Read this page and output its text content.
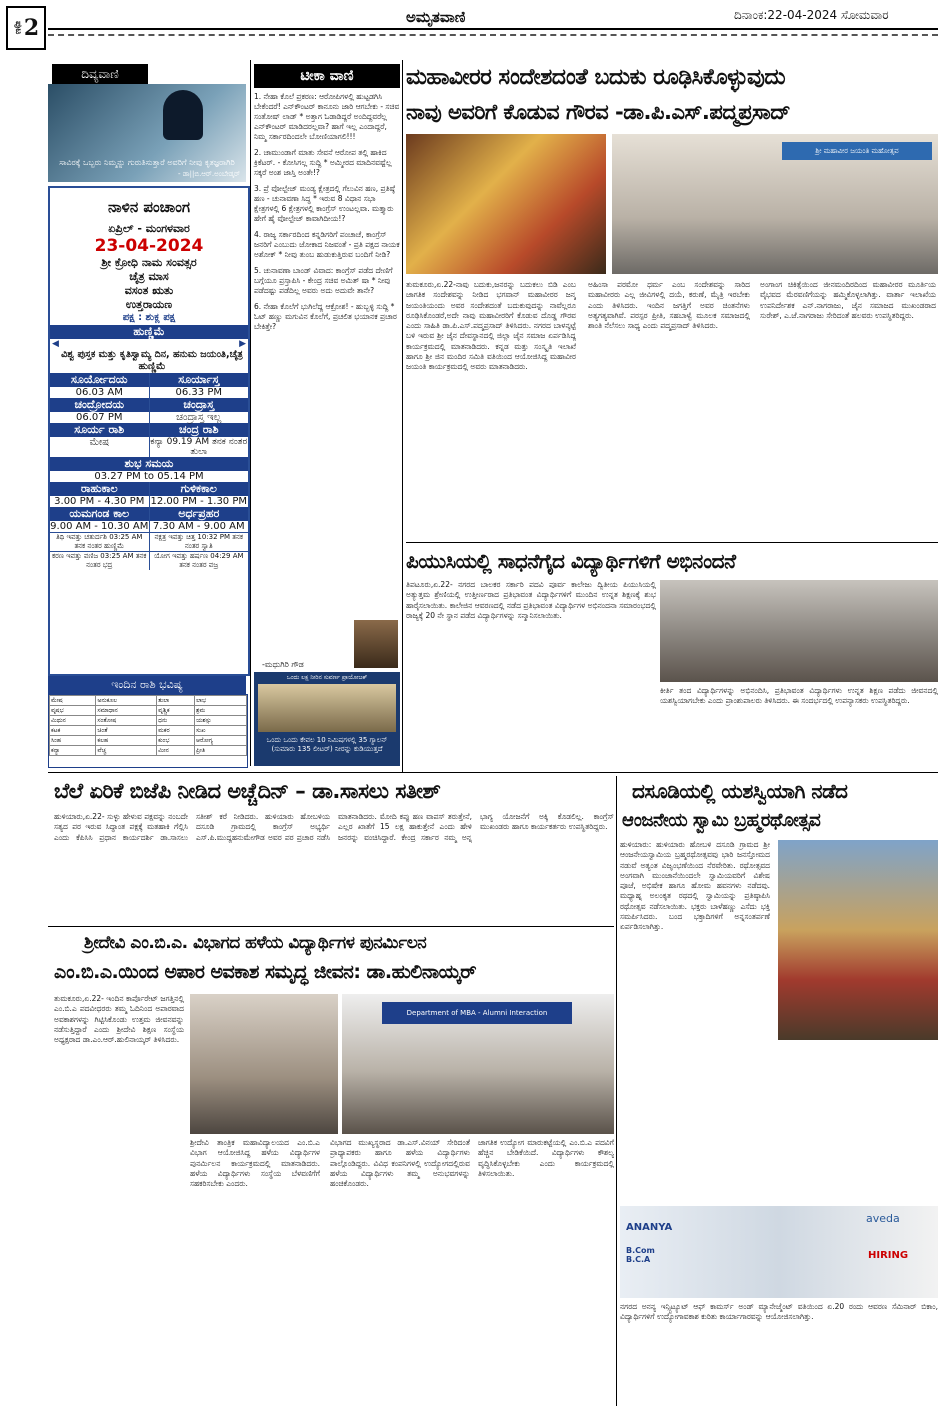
ಪುಟ 2	ಅಮೃತವಾಣಿ	ದಿನಾಂಕ:22-04-2024 ಸೋಮವಾರ
ದಿವ್ಯವಾಣಿ
ಸಾವಿರಕ್ಕೆ ಒಬ್ಬರು ನಿಮ್ಮನ್ನು ಗುರುತಿಸುತ್ತಾರೆ ಅವರಿಗೆ ನೀವು ಕೃತಜ್ಞರಾಗಿರಿ
- ಡಾ||ಬಿ.ಆರ್.ಅಂಬೇಡ್ಕರ್
ನಾಳಿನ ಪಂಚಾಂಗ
ಏಪ್ರಿಲ್ - ಮಂಗಳವಾರ
23-04-2024
ಶ್ರೀ ಕ್ರೋಧಿ ನಾಮ ಸಂವತ್ಸರ
ಚೈತ್ರ ಮಾಸ
ವಸಂತ ಋತು
ಉತ್ತರಾಯಣ
ಪಕ್ಷ : ಶುಕ್ಲ ಪಕ್ಷ
ಹುಣ್ಣಿಮೆ
◀	▶
ವಿಶ್ವ ಪುಸ್ತಕ ಮತ್ತು ಕೃತಿಸ್ವಾಮ್ಯ ದಿನ, ಹನುಮ ಜಯಂತಿ,ಚೈತ್ರ ಹುಣ್ಣಿಮೆ
ಸೂರ್ಯೋದಯ	ಸೂರ್ಯಾಸ್ತ
06.03 AM	06.33 PM
ಚಂದ್ರೋದಯ	ಚಂದ್ರಾಸ್ತ
06.07 PM	ಚಂದ್ರಾಸ್ತ ಇಲ್ಲ
ಸೂರ್ಯ ರಾಶಿ	ಚಂದ್ರ ರಾಶಿ
ಮೇಷ	ಕನ್ಯಾ 09.19 AM ತನಕ ನಂತರ ತುಲಾ
ಶುಭ ಸಮಯ
03.27 PM to 05.14 PM
ರಾಹುಕಾಲ	ಗುಳಿಕಕಾಲ
3.00 PM - 4.30 PM 12.00 PM - 1.30 PM
ಯಮಗಂಡ ಕಾಲ	ಅರ್ಧಪ್ರಹರ
9.00 AM - 10.30 AM 7.30 AM - 9.00 AM
ತಿಥಿ ಇವತ್ತು ಚತುರ್ದಶಿ 03:25 AM ತನಕ ನಂತರ ಹುಣ್ಣಿಮೆ
ನಕ್ಷತ್ರ ಇವತ್ತು ಚಿತ್ತ 10:32 PM ತನಕ ನಂತರ ಸ್ವಾತಿ
ಕರಣ ಇವತ್ತು ವಣಿಜ 03:25 AM ತನಕ ನಂತರ ಭದ್ರ
ಯೋಗ ಇವತ್ತು ಹರ್ಷಣ 04:29 AM ತನಕ ನಂತರ ವಜ್ರ
ಇಂದಿನ ರಾಶಿ ಭವಿಷ್ಯ
ಮೇಷ	ಅನುಕೂಲ	ತುಲಾ	ಲಾಭ
ವೃಷಭ	ಸಮಾಧಾನ	ವೃಶ್ಚಿಕ	ಶ್ರಮ
ಮಿಥುನ	ಸಂತೋಷ	ಧನು	ಯಶಸ್ಸು
ಕಟಕ	ಚಿಂತೆ	ಮಕರ	ಸುಖ
ಸಿಂಹ	ಕಲಹ	ಕುಂಭ	ಆರೋಗ್ಯ
ಕನ್ಯಾ	ವೆಚ್ಚ	ಮೀನ	ಪ್ರೀತಿ
ಟೀಕಾ ವಾಣಿ

1. ನೇಹಾ ಕೊಲೆ ಪ್ರಕರಣ: ಆರೋಪಿಗಳಲ್ಲಿ ಹುಟ್ಟಡಗಿಸಿ ಬೇಕೆಂದರೆ! ಎನ್‌ಕೌಂಟರ್ ಕಾನೂನು ಜಾರಿ ಆಗಬೇಕು - ಸಚಿವ ಸಂತೋಷ್ ಲಾಡ್ * ಅತ್ತಾಗ ಓಡಾಡಿದ್ದರೆ ಅಂದಿದ್ದವರೆಲ್ಲ ಎನ್‌ಕೌಂಟರ್ ಮಾಡಿದರಲ್ಲವಾ? ಹಾಗೆ ಇಲ್ಲ ಎಂದಾದ್ದರೆ, ನಿಮ್ಮ ಸರ್ಕಾರದಿಂದಲೇ ಬೋಣಿಯಾಗಲಿ!!!

2. ಚಾಮುಂಡಾಗೆ ಮಾತು ಸೇವನೆ ಆರೋಪ ತಲ್ಲಿ ಹಾಕಿದ ಕ್ರಿಕೆಟರ್. - ಕೋಸಿಗಲ್ಲ ಸುದ್ದಿ * ಅಮ್ಮೀರದ ಮಾದಿನವಷ್ಟೆಲ್ಲ ಸಕ್ಕರೆ ಅಂಶ ಜಾಸ್ತಿ ಅಂತೇ!?

3. ಪ್ರೆ ವೋಲ್ಟೇಜ್ ಮಂಡ್ಯ ಕ್ಷೇತ್ರದಲ್ಲಿ ಗೆಲುವಿನ ಹಣ, ಪ್ರತಿಷ್ಠೆ ಹಣ - ಚುನಾವಣಾ ಸಿದ್ಧ * ಇರುವ 8 ವಿಧಾನ ಸಭಾ ಕ್ಷೇತ್ರಗಳಲ್ಲಿ 6 ಕ್ಷೇತ್ರಗಳಲ್ಲಿ ಕಾಂಗ್ರೆಸ್ ಉಂಟಲ್ಲವಾ. ಮತ್ತ್ಯಾರು ಹೇಗೆ ಹೈ ವೋಲ್ಟೇಜ್ ಕಾವಾಗಿದೀಯ!?

4. ರಾಜ್ಯ ಸರ್ಕಾರದಿಂದ ಕನ್ನಡಿಗರಿಗೆ ಪಂಚಾಚೆ, ಕಾಂಗ್ರೆಸ್ ಜನರಿಗೆ ಎಂಬುದು ಜೋಕಾದ ನಿಜವಂತೆ - ಪ್ರತಿ ಪಕ್ಷದ ನಾಯಕ ಅಶೋಕ್ * ನೀವು ತುಂಬ ಹುಡುಕುತ್ತಿರುವ ಬಂದಿಗೆ ನೀಡಿ?

5. ಚುನಾವಣಾ ಬಾಂಡ್ ವಿವಾದ: ಕಾಂಗ್ರೆಸ್ ಪಡೆದ ದೇಣಿಗೆ ಬಗ್ಗೆಯೂ ಪ್ರಸ್ತಾಪಿಸಿ - ಕೇಂದ್ರ ಸಚಿವ ಅಮಿತ್ ಷಾ * ನೀವು ಪಡೆದಷ್ಟು ಪಡೆದಿಲ್ಲ ಅವರು ಅದು ಅದುವೇ ತಾನೇ?

6. ನೇಹಾ ಕೊಲೆಗೆ ಭುಗಿಲೆದ್ದ ಆಕ್ರೋಶ! - ಹುಬ್ಬಳ್ಳಿ ಸುದ್ದಿ * ಓಟ್ ಹಣ್ಣು ಮಗುವಿನ ಕೊಲೆಗೆ, ಪ್ರಚಲಿತ ಭಯಾನಕ ಪ್ರಚಾರ ಬೇಕಿತ್ತೇ?

-ಮಧುಗಿರಿ ಗೌಡ
ಒಂದು ಲಕ್ಷ ನೀರಿನ ಸುವರ್ಣ ಪ್ರಾಯೋಜಕ್
ಒಂದು ಒಂದು ಕೇವಲ 10 ನಿಮಿಷಗಳಲ್ಲಿ 35 ಗ್ಯಾಲನ್ (ಸುಮಾರು 135 ಲೀಟರ್) ನೀರನ್ನು ಕುಡಿಯುತ್ತದೆ
ಮಹಾವೀರರ ಸಂದೇಶದಂತೆ ಬದುಕು ರೂಢಿಸಿಕೊಳ್ಳುವುದು
ನಾವು ಅವರಿಗೆ ಕೊಡುವ ಗೌರವ -ಡಾ.ಪಿ.ಎಸ್.ಪದ್ಮಪ್ರಸಾದ್
ಶ್ರೀ ಮಹಾವೀರ ಜಯಂತಿ ಮಹೋತ್ಸವ
ತುಮಕೂರು,ಏ.22-ನಾವು ಬದುಕು,ಜನರನ್ನು ಬದುಕಲು ಬಿಡಿ ಎಂಬ ಜಾಗತಿಕ ಸಂದೇಶವನ್ನು ನೀಡಿದ ಭಗವಾನ್ ಮಹಾವೀರರ ಜನ್ಮ ಜಯಂತಿಯಂದು ಅವರ ಸಂದೇಶದಂತೆ ಬದುಕುವುದನ್ನು ನಾವೆಲ್ಲರೂ ರೂಢಿಸಿಕೊಂಡರೆ,ಅದೇ ನಾವು ಮಹಾವೀರರಿಗೆ ಕೊಡುವ ದೊಡ್ಡ ಗೌರವ ಎಂದು ಸಾಹಿತಿ ಡಾ.ಪಿ.ಎಸ್.ಪದ್ಮಪ್ರಸಾದ್ ತಿಳಿಸಿದರು. ನಗರದ ಬಾಳನ್ಕಟ್ಟೆ ಬಳಿ ಇರುವ ಶ್ರೀ ಜೈನ ದೇವಸ್ಥಾನದಲ್ಲಿ ಜಿಲ್ಲಾ ಜೈನ ಸಮಾಜ ಏರ್ಪಡಿಸಿದ್ದ ಕಾರ್ಯಕ್ರಮದಲ್ಲಿ ಮಾತನಾಡಿದರು. ಕನ್ನಡ ಮತ್ತು ಸಂಸ್ಕೃತಿ ಇಲಾಖೆ ಹಾಗೂ ಶ್ರೀ ಜಿನ ಮಂದಿರ ಸಮಿತಿ ವತಿಯಿಂದ ಆಯೋಜಿಸಿದ್ದ ಮಹಾವೀರ ಜಯಂತಿ ಕಾರ್ಯಕ್ರಮದಲ್ಲಿ ಅವರು ಮಾತನಾಡಿದರು.
ಅಹಿಂಸಾ ಪರಮೋ ಧರ್ಮ ಎಂಬ ಸಂದೇಶವನ್ನು ಸಾರಿದ ಮಹಾವೀರರು ಎಲ್ಲ ಜೀವಿಗಳಲ್ಲಿ ದಯೆ, ಕರುಣೆ, ಮೈತ್ರಿ ಇರಬೇಕು ಎಂದು ತಿಳಿಸಿದರು. ಇಂದಿನ ಜಗತ್ತಿಗೆ ಅವರ ಚಿಂತನೆಗಳು ಅತ್ಯಗತ್ಯವಾಗಿವೆ. ಪರಸ್ಪರ ಪ್ರೀತಿ, ಸಹಬಾಳ್ವೆ ಮೂಲಕ ಸಮಾಜದಲ್ಲಿ ಶಾಂತಿ ನೆಲೆಸಲು ಸಾಧ್ಯ ಎಂದು ಪದ್ಮಪ್ರಸಾದ್ ತಿಳಿಸಿದರು.
ಅಂಗಾಂಗ ಚಿಕಿತ್ಸೆಯಿಂದ ಜೀನಮಂದಿರದಿಂದ ಮಹಾವೀರರ ಮೂರ್ತಿಯ ವೈಭವದ ಮೆರವಣಿಗೆಯನ್ನು ಹಮ್ಮಿಕೊಳ್ಳಲಾಗಿತ್ತು. ವಾರ್ತಾ ಇಲಾಖೆಯ ಉಪನಿರ್ದೇಶಕ ಎನ್.ನಾಗರಾಜು, ಜೈನ ಸಮಾಜದ ಮುಖಂಡರಾದ ಸುರೇಶ್, ಎ.ಜೆ.ನಾಗರಾಜು ಸೇರಿದಂತೆ ಹಲವರು ಉಪಸ್ಥಿತರಿದ್ದರು.
ಪಿಯುಸಿಯಲ್ಲಿ ಸಾಧನೆಗೈದ ವಿದ್ಯಾರ್ಥಿಗಳಿಗೆ ಅಭಿನಂದನೆ
ತಿಪಟೂರು,ಏ.22- ನಗರದ ಬಾಲಕರ ಸರ್ಕಾರಿ ಪದವಿ ಪೂರ್ವ ಕಾಲೇಜು ದ್ವಿತೀಯ ಪಿಯುಸಿಯಲ್ಲಿ ಅತ್ಯುತ್ತಮ ಶ್ರೇಣಿಯಲ್ಲಿ ಉತ್ತೀರ್ಣರಾದ ಪ್ರತಿಭಾವಂತ ವಿದ್ಯಾರ್ಥಿಗಳಿಗೆ ಮುಂದಿನ ಉನ್ನತ ಶಿಕ್ಷಣಕ್ಕೆ ಶುಭ ಹಾರೈಸಲಾಯಿತು. ಕಾಲೇಜಿನ ಆವರಣದಲ್ಲಿ ನಡೆದ ಪ್ರತಿಭಾವಂತ ವಿದ್ಯಾರ್ಥಿಗಳ ಅಭಿನಂದನಾ ಸಮಾರಂಭದಲ್ಲಿ ರಾಜ್ಯಕ್ಕೆ 20 ನೇ ಸ್ಥಾನ ಪಡೆದ ವಿದ್ಯಾರ್ಥಿಗಳನ್ನು ಸನ್ಮಾನಿಸಲಾಯಿತು.
ಕೀರ್ತಿ ತಂದ ವಿದ್ಯಾರ್ಥಿಗಳನ್ನು ಅಭಿನಂದಿಸಿ, ಪ್ರತಿಭಾವಂತ ವಿದ್ಯಾರ್ಥಿಗಳು ಉನ್ನತ ಶಿಕ್ಷಣ ಪಡೆದು ಜೀವನದಲ್ಲಿ ಯಶಸ್ವಿಯಾಗಬೇಕು ಎಂದು ಪ್ರಾಂಶುಪಾಲರು ತಿಳಿಸಿದರು. ಈ ಸಂದರ್ಭದಲ್ಲಿ ಉಪನ್ಯಾಸಕರು ಉಪಸ್ಥಿತರಿದ್ದರು.
ಬೆಲೆ ಏರಿಕೆ ಬಿಜೆಪಿ ನೀಡಿದ ಅಚ್ಚೆದಿನ್ – ಡಾ.ಸಾಸಲು ಸತೀಶ್
ಹುಳಿಯಾರು,ಏ.22- ಸುಳ್ಳು ಹೇಳುವ ಪಕ್ಷವನ್ನು ನಂಬದೇ ಸತ್ಯದ ಪರ ಇರುವ ಸಿದ್ಧಾಂತ ಪಕ್ಷಕ್ಕೆ ಮತಹಾಕಿ ಗೆಲ್ಲಿಸಿ ಎಂದು ಕೆಪಿಸಿಸಿ ಪ್ರಧಾನ ಕಾರ್ಯದರ್ಶಿ ಡಾ.ಸಾಸಲು ಸತೀಶ್ ಕರೆ ನೀಡಿದರು. ಹುಳಿಯಾರು ಹೋಬಳಿಯ ದಸೂಡಿ ಗ್ರಾಮದಲ್ಲಿ ಕಾಂಗ್ರೆಸ್ ಅಭ್ಯರ್ಥಿ ಎಸ್.ಪಿ.ಮುದ್ದಹನುಮೇಗೌಡ ಅವರ ಪರ ಪ್ರಚಾರ ನಡೆಸಿ ಮಾತನಾಡಿದರು. ಮೋದಿ ಕಪ್ಪು ಹಣ ವಾಪಸ್ ತರುತ್ತೇನೆ, ಎಲ್ಲರ ಖಾತೆಗೆ 15 ಲಕ್ಷ ಹಾಕುತ್ತೇನೆ ಎಂದು ಹೇಳಿ ಜನರನ್ನು ವಂಚಿಸಿದ್ದಾರೆ. ಕೇಂದ್ರ ಸರ್ಕಾರ ನಮ್ಮ ಅನ್ನ ಭಾಗ್ಯ ಯೋಜನೆಗೆ ಅಕ್ಕಿ ಕೊಡಲಿಲ್ಲ. ಕಾಂಗ್ರೆಸ್ ಮುಖಂಡರು ಹಾಗೂ ಕಾರ್ಯಕರ್ತರು ಉಪಸ್ಥಿತರಿದ್ದರು.
ದಸೂಡಿಯಲ್ಲಿ ಯಶಸ್ವಿಯಾಗಿ ನಡೆದ
ಆಂಜನೇಯ ಸ್ವಾಮಿ ಬ್ರಹ್ಮರಥೋತ್ಸವ
ಹುಳಿಯಾರು: ಹುಳಿಯಾರು ಹೋಬಳಿ ದಸೂಡಿ ಗ್ರಾಮದ ಶ್ರೀ ಆಂಜನೇಯಸ್ವಾಮಿಯ ಬ್ರಹ್ಮರಥೋತ್ಸವವು ಭಾರಿ ಜನಸ್ತೋಮದ ನಡುವೆ ಅತ್ಯಂತ ವಿಜೃಂಭಣೆಯಿಂದ ನೆರವೇರಿತು. ರಥೋತ್ಸವದ ಅಂಗವಾಗಿ ಮುಂಜಾನೆಯಿಂದಲೇ ಸ್ವಾಮಿಯವರಿಗೆ ವಿಶೇಷ ಪೂಜೆ, ಅಭಿಷೇಕ ಹಾಗೂ ಹೋಮ ಹವನಗಳು ನಡೆದವು. ಮಧ್ಯಾಹ್ನ ಅಲಂಕೃತ ರಥದಲ್ಲಿ ಸ್ವಾಮಿಯನ್ನು ಪ್ರತಿಷ್ಠಾಪಿಸಿ ರಥೋತ್ಸವ ನಡೆಸಲಾಯಿತು. ಭಕ್ತರು ಬಾಳೆಹಣ್ಣು ಎಸೆದು ಭಕ್ತಿ ಸಮರ್ಪಿಸಿದರು. ಬಂದ ಭಕ್ತಾದಿಗಳಿಗೆ ಅನ್ನಸಂತರ್ಪಣೆ ಏರ್ಪಡಿಸಲಾಗಿತ್ತು.
ANANYA
B.Com B.C.A
aveda
HIRING
ನಗರದ ಅನನ್ಯ ಇನ್ಸ್ಟಿಟ್ಯೂಟ್ ಆಫ್ ಕಾಮರ್ಸ್ ಅಂಡ್ ಮ್ಯಾನೇಜ್ಮೆಂಟ್ ವತಿಯಿಂದ ಏ.20 ರಂದು ಆವರಣ ಸೆಮಿನಾರ್ ಬಿಕಾಂ, ವಿದ್ಯಾರ್ಥಿಗಳಿಗೆ ಉದ್ಯೋಗಾವಕಾಶ ಕುರಿತು ಕಾರ್ಯಾಗಾರವನ್ನು ಆಯೋಜಿಸಲಾಗಿತ್ತು.
ಶ್ರೀದೇವಿ ಎಂ.ಬಿ.ಎ. ವಿಭಾಗದ ಹಳೆಯ ವಿದ್ಯಾರ್ಥಿಗಳ ಪುನರ್ಮಿಲನ
ಎಂ.ಬಿ.ಎ.ಯಿಂದ ಅಪಾರ ಅವಕಾಶ ಸಮೃದ್ಧ ಜೀವನ: ಡಾ.ಹುಲಿನಾಯ್ಕರ್
ತುಮಕೂರು,ಏ.22- ಇಂದಿನ ಕಾರ್ಪೊರೇಟ್ ಜಗತ್ತಿನಲ್ಲಿ ಎಂ.ಬಿ.ಎ ಪದವೀಧರರು ತಮ್ಮ ಓದಿನಿಂದ ಅಪಾರವಾದ ಅವಕಾಶಗಳನ್ನು ಗಿಟ್ಟಿಸಿಕೊಂಡು ಉತ್ತಮ ಜೀವನವನ್ನು ನಡೆಸುತ್ತಿದ್ದಾರೆ ಎಂದು ಶ್ರೀದೇವಿ ಶಿಕ್ಷಣ ಸಂಸ್ಥೆಯ ಅಧ್ಯಕ್ಷರಾದ ಡಾ.ಎಂ.ಆರ್.ಹುಲಿನಾಯ್ಕರ್ ತಿಳಿಸಿದರು.
Department of MBA - Alumni Interaction
ಶ್ರೀದೇವಿ ತಾಂತ್ರಿಕ ಮಹಾವಿದ್ಯಾಲಯದ ಎಂ.ಬಿ.ಎ ವಿಭಾಗ ಆಯೋಜಿಸಿದ್ದ ಹಳೆಯ ವಿದ್ಯಾರ್ಥಿಗಳ ಪುನರ್ಮಿಲನ ಕಾರ್ಯಕ್ರಮದಲ್ಲಿ ಮಾತನಾಡಿದರು. ಹಳೆಯ ವಿದ್ಯಾರ್ಥಿಗಳು ಸಂಸ್ಥೆಯ ಬೆಳವಣಿಗೆಗೆ ಸಹಕರಿಸಬೇಕು ಎಂದರು.
ವಿಭಾಗದ ಮುಖ್ಯಸ್ಥರಾದ ಡಾ.ಎಸ್.ವಿನಯ್ ಸೇರಿದಂತೆ ಪ್ರಾಧ್ಯಾಪಕರು ಹಾಗೂ ಹಳೆಯ ವಿದ್ಯಾರ್ಥಿಗಳು ಪಾಲ್ಗೊಂಡಿದ್ದರು. ವಿವಿಧ ಕಂಪನಿಗಳಲ್ಲಿ ಉದ್ಯೋಗದಲ್ಲಿರುವ ಹಳೆಯ ವಿದ್ಯಾರ್ಥಿಗಳು ತಮ್ಮ ಅನುಭವಗಳನ್ನು ಹಂಚಿಕೊಂಡರು.
ಜಾಗತಿಕ ಉದ್ಯೋಗ ಮಾರುಕಟ್ಟೆಯಲ್ಲಿ ಎಂ.ಬಿ.ಎ ಪದವಿಗೆ ಹೆಚ್ಚಿನ ಬೇಡಿಕೆಯಿದೆ. ವಿದ್ಯಾರ್ಥಿಗಳು ಕೌಶಲ್ಯ ವೃದ್ಧಿಸಿಕೊಳ್ಳಬೇಕು ಎಂದು ಕಾರ್ಯಕ್ರಮದಲ್ಲಿ ತಿಳಿಸಲಾಯಿತು.
